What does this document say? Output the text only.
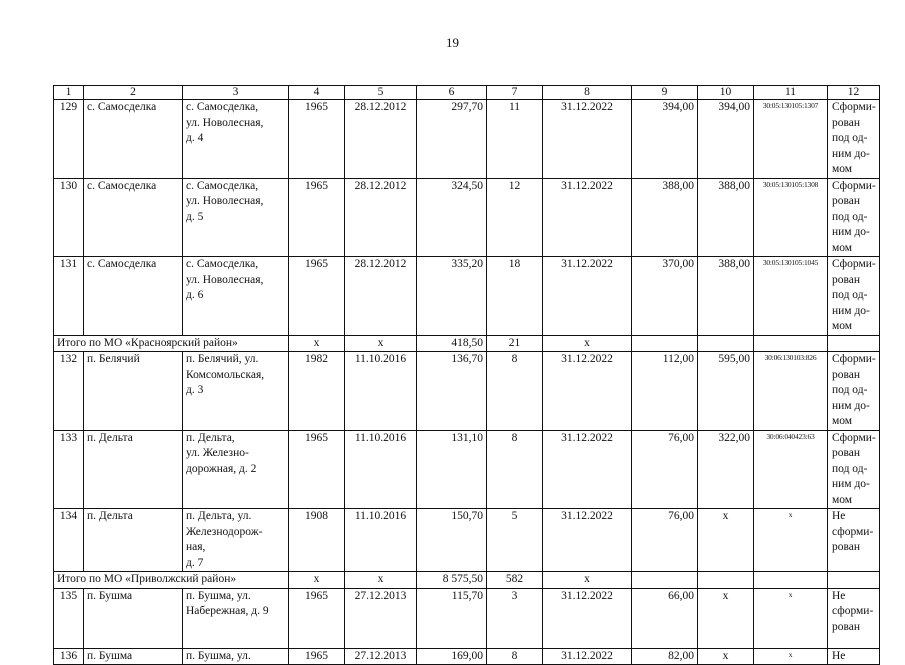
19
1	2	3	4	5	6	7	8	9	10	11	12
129	с. Самосделка	с. Самосделка,
ул. Новолесная,
д. 4	1965	28.12.2012	297,70	11	31.12.2022	394,00	394,00	30:05:130105:1307	Сформи-
рован
под од-
ним до-
мом
130	с. Самосделка	с. Самосделка,
ул. Новолесная,
д. 5	1965	28.12.2012	324,50	12	31.12.2022	388,00	388,00	30:05:130105:1308	Сформи-
рован
под од-
ним до-
мом
131	с. Самосделка	с. Самосделка,
ул. Новолесная,
д. 6	1965	28.12.2012	335,20	18	31.12.2022	370,00	388,00	30:05:130105:1045	Сформи-
рован
под од-
ним до-
мом
Итого по МО «Красноярский район»			х	х	418,50	21	х				
132	п. Белячий	п. Белячий, ул.
Комсомольская,
д. 3	1982	11.10.2016	136,70	8	31.12.2022	112,00	595,00	30:06:130103:826	Сформи-
рован
под од-
ним до-
мом
133	п. Дельта	п. Дельта,
ул. Железно-
дорожная, д. 2	1965	11.10.2016	131,10	8	31.12.2022	76,00	322,00	30:06:040423:63	Сформи-
рован
под од-
ним до-
мом
134	п. Дельта	п. Дельта, ул.
Железнодорож-
ная,
д. 7	1908	11.10.2016	150,70	5	31.12.2022	76,00	х	х	Не
сформи-
рован
Итого по МО «Приволжский район»			х	х	8 575,50	582	х				
135	п. Бушма	п. Бушма, ул.
Набережная, д. 9	1965	27.12.2013	115,70	3	31.12.2022	66,00	х	х	Не
сформи-
рован
136	п. Бушма	п. Бушма, ул.	1965	27.12.2013	169,00	8	31.12.2022	82,00	х	х	Не
